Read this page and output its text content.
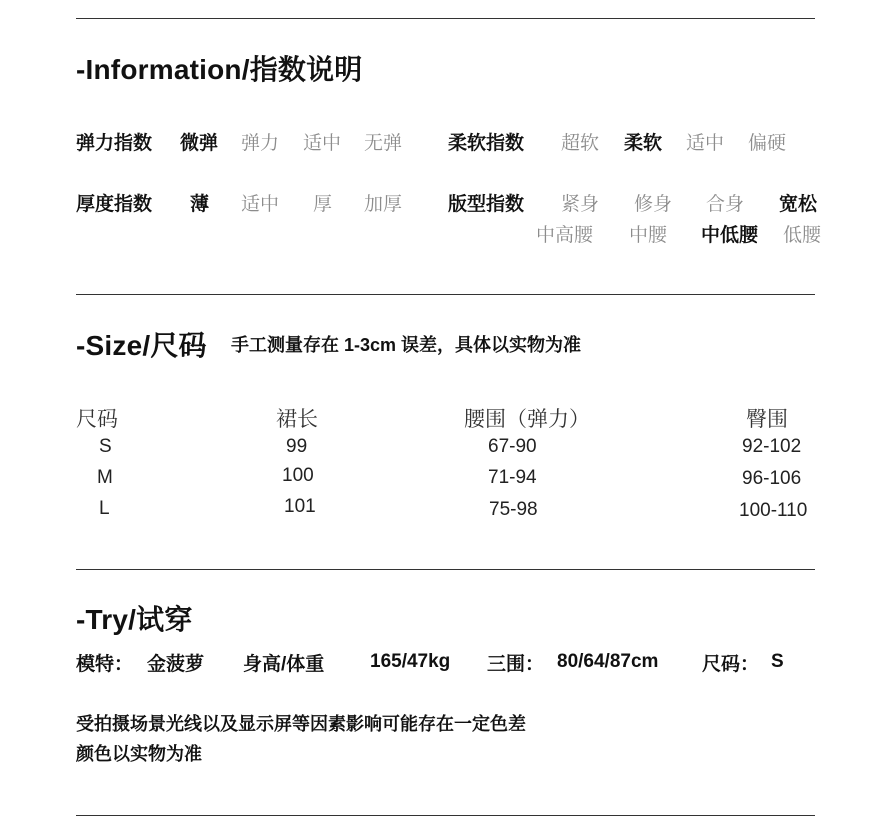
-Information/指数说明
弹力指数 微弹 弹力 适中 无弹 柔软指数 超软 柔软 适中 偏硬
厚度指数 薄 适中 厚 加厚 版型指数 紧身 修身 合身 宽松
中高腰 中腰 中低腰 低腰
-Size/尺码 手工测量存在 1-3cm 误差，具体以实物为准
尺码	裙长	腰围（弹力）	臀围
S	99	67-90	92-102
M	100	71-94	96-106
L	101	75-98	100-110
-Try/试穿
模特： 金菠萝 身高/体重 165/47kg 三围： 80/64/87cm 尺码： S
受拍摄场景光线以及显示屏等因素影响可能存在一定色差
颜色以实物为准
